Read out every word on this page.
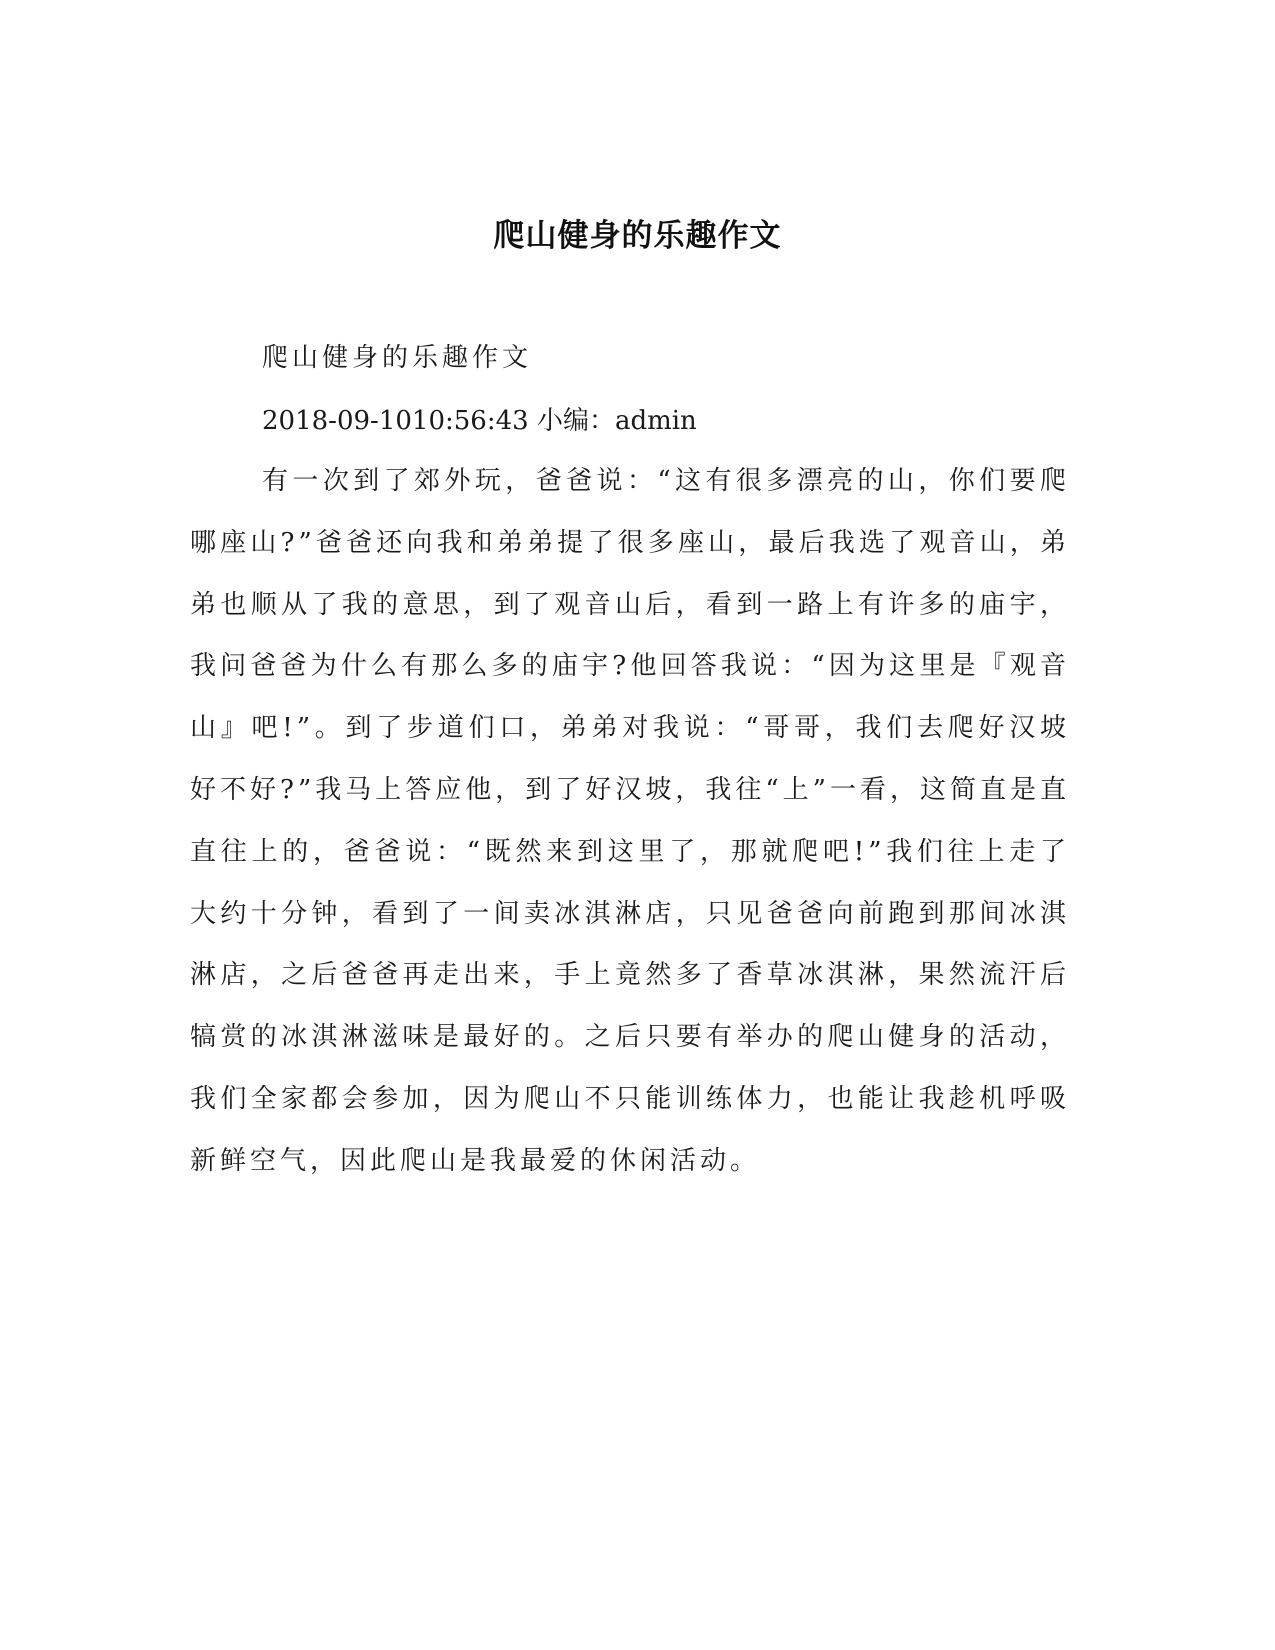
爬山健身的乐趣作文

爬山健身的乐趣作文

2018-09-1010:56:43 小编：admin

有一次到了郊外玩，爸爸说：“这有很多漂亮的山，你们要爬哪座山?”爸爸还向我和弟弟提了很多座山，最后我选了观音山，弟弟也顺从了我的意思，到了观音山后，看到一路上有许多的庙宇，我问爸爸为什么有那么多的庙宇?他回答我说：“因为这里是『观音山』吧!”。到了步道们口，弟弟对我说：“哥哥，我们去爬好汉坡好不好?”我马上答应他，到了好汉坡，我往“上”一看，这简直是直直往上的，爸爸说：“既然来到这里了，那就爬吧!”我们往上走了大约十分钟，看到了一间卖冰淇淋店，只见爸爸向前跑到那间冰淇淋店，之后爸爸再走出来，手上竟然多了香草冰淇淋，果然流汗后犒赏的冰淇淋滋味是最好的。之后只要有举办的爬山健身的活动，我们全家都会参加，因为爬山不只能训练体力，也能让我趁机呼吸新鲜空气，因此爬山是我最爱的休闲活动。
